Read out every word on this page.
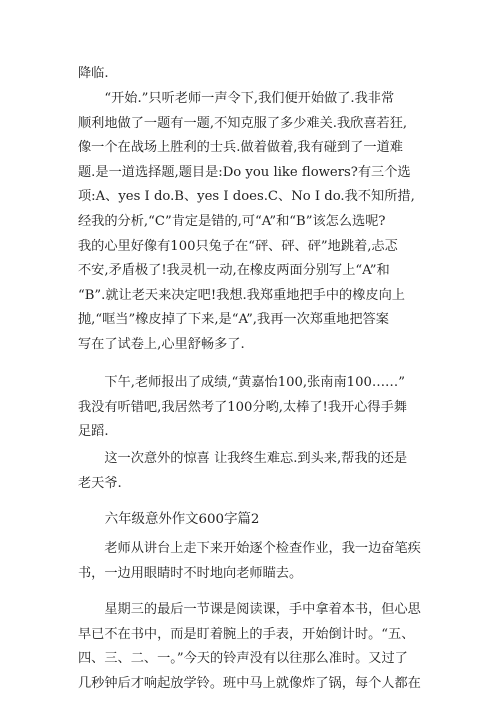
降临.
　　“开始.”只听老师一声令下,我们便开始做了.我非常
顺利地做了一题有一题,不知克服了多少难关.我欣喜若狂,
像一个在战场上胜利的士兵.做着做着,我有碰到了一道难
题.是一道选择题,题目是:Do you like flowers?有三个选
项:A、yes I do.B、yes I does.C、No I do.我不知所措,
经我的分析,“C”肯定是错的,可“A”和“B”该怎么选呢?
我的心里好像有100只兔子在“砰、砰、砰”地跳着,忐忑
不安,矛盾极了!我灵机一动,在橡皮两面分别写上“A”和
“B”.就让老天来决定吧!我想.我郑重地把手中的橡皮向上
抛,“哐当”橡皮掉了下来,是“A”,我再一次郑重地把答案
写在了试卷上,心里舒畅多了.
　　下午,老师报出了成绩,“黄嘉怡100,张南南100……”
我没有听错吧,我居然考了100分哟,太棒了!我开心得手舞
足蹈.
　　这一次意外的惊喜 让我终生难忘.到头来,帮我的还是
老天爷.
　　六年级意外作文600字篇2
　　老师从讲台上走下来开始逐个检查作业，我一边奋笔疾
书，一边用眼睛时不时地向老师瞄去。
　　星期三的最后一节课是阅读课，手中拿着本书，但心思
早已不在书中，而是盯着腕上的手表，开始倒计时。“五、
四、三、二、一。”今天的铃声没有以往那么准时。又过了
几秒钟后才响起放学铃。班中马上就像炸了锅，每个人都在
